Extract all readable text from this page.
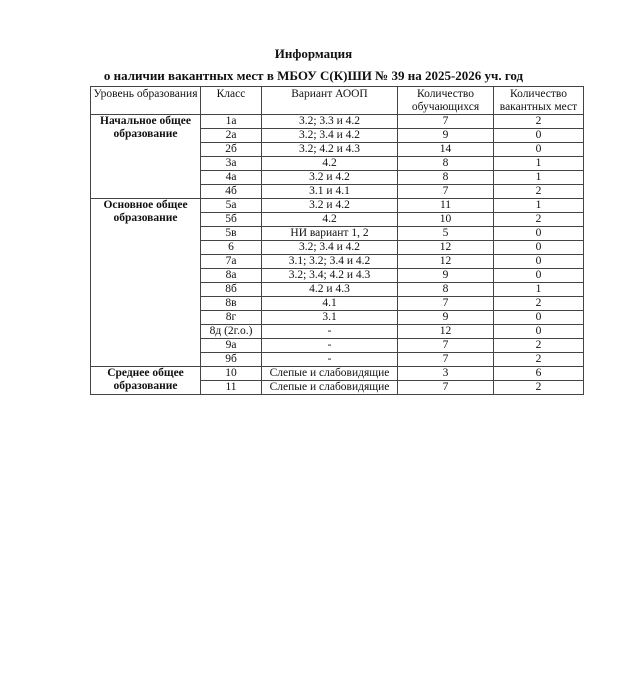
Информация
о наличии вакантных мест в МБОУ С(К)ШИ № 39 на 2025-2026 уч. год
Уровень образования	Класс	Вариант АООП	Количество обучающихся	Количество вакантных мест
Начальное общее образование	1а	3.2; 3.3 и 4.2	7	2
	2а	3.2; 3.4 и 4.2	9	0
	2б	3.2; 4.2 и 4.3	14	0
	3а	4.2	8	1
	4а	3.2 и 4.2	8	1
	4б	3.1 и 4.1	7	2
Основное общее образование	5а	3.2 и 4.2	11	1
	5б	4.2	10	2
	5в	НИ вариант 1, 2	5	0
	6	3.2; 3.4 и 4.2	12	0
	7а	3.1; 3.2; 3.4 и 4.2	12	0
	8а	3.2; 3.4; 4.2 и 4.3	9	0
	8б	4.2 и 4.3	8	1
	8в	4.1	7	2
	8г	3.1	9	0
	8д (2г.о.)	-	12	0
	9а	-	7	2
	9б	-	7	2
Среднее общее образование	10	Слепые и слабовидящие	3	6
	11	Слепые и слабовидящие	7	2
